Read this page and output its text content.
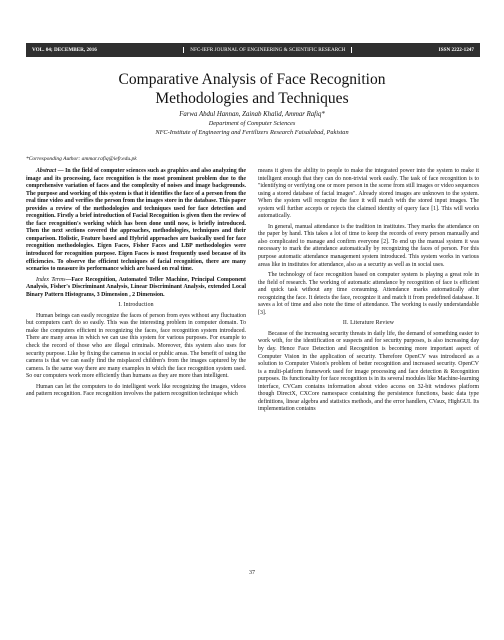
VOL. 04; DECEMBER, 2016	NFC-IEFR JOURNAL OF ENGINEERING & SCIENTIFIC RESEARCH	ISSN 2222-1247
Comparative Analysis of Face Recognition
Methodologies and Techniques
Farwa Abdul Hannan, Zainab Khalid, Ammar Rafiq*
Department of Computer Sciences
NFC-Institute of Engineering and Fertilizers Research Faisalabad, Pakistan
*Corresponding Author: ammar.rafiq@iefr.edu.pk

Abstract — In the field of computer sciences such as graphics and also analyzing the image and its processing, face recognition is the most prominent problem due to the comprehensive variation of faces and the complexity of noises and image backgrounds. The purpose and working of this system is that it identifies the face of a person from the real time video and verifies the person from the images store in the database. This paper provides a review of the methodologies and techniques used for face detection and recognition. Firstly a brief introduction of Facial Recognition is given then the review of the face recognition's working which has been done until now, is briefly introduced. Then the next sections covered the approaches, methodologies, techniques and their comparison. Holistic, Feature based and Hybrid approaches are basically used for face recognition methodologies. Eigen Faces, Fisher Faces and LBP methodologies were introduced for recognition purpose. Eigen Faces is most frequently used because of its efficiencies. To observe the efficient techniques of facial recognition, there are many scenarios to measure its performance which are based on real time.

Index Terms—Face Recognition, Automated Teller Machine, Principal Component Analysis, Fisher's Discriminant Analysis, Linear Discriminant Analysis, extended Local Binary Pattern Histograms, 3 Dimension , 2 Dimension.

I. Introduction

Human beings can easily recognize the faces of person from eyes without any fluctuation but computers can't do so easily. This was the interesting problem in computer domain. To make the computers efficient in recognizing the faces, face recognition system introduced. There are many areas in which we can use this system for various purposes. For example to check the record of those who are illegal criminals. Moreover, this system also uses for security purpose. Like by fixing the cameras in social or public areas. The benefit of using the camera is that we can easily find the misplaced children's from the images captured by the camera. Is the same way there are many examples in which the face recognition system used. So our computers work more efficiently than humans as they are more than intelligent.

Human can let the computers to do intelligent work like recognizing the images, videos and pattern recognition. Face recognition involves the pattern recognition technique which

means it gives the ability to people to make the integrated power into the system to make it intelligent enough that they can do non-trivial work easily. The task of face recognition is to "identifying or verifying one or more person in the scene from still images or video sequences using a stored database of facial images". Already stored images are unknown to the system. When the system will recognize the face it will match with the stored input images. The system will further accepts or rejects the claimed identity of query face [1]. This will works automatically.

In general, manual attendance is the tradition in institutes. They marks the attendance on the paper by hand. This takes a lot of time to keep the records of every person manually and also complicated to manage and confirm everyone [2]. To end up the manual system it was necessary to mark the attendance automatically by recognizing the faces of person. For this purpose automatic attendance management system introduced. This system works in various areas like in institutes for attendance, also as a security as well as in social uses.

The technology of face recognition based on computer system is playing a great role in the field of research. The working of automatic attendance by recognition of face is efficient and quick task without any time consuming. Attendance marks automatically after recognizing the face. It detects the face, recognize it and match it from predefined database. It saves a lot of time and also note the time of attendance. The working is easily understandable [3].

II. Literature Review

Because of the increasing security threats in daily life, the demand of something easier to work with, for the identification or suspects and for security purposes, is also increasing day by day. Hence Face Detection and Recognition is becoming more important aspect of Computer Vision in the application of security. Therefore OpenCV was introduced as a solution to Computer Vision's problem of better recognition and increased security. OpenCV is a multi-platform framework used for image processing and face detection & Recognition purposes. Its functionality for face recognition is in its several modules like Machine-learning interface, CVCam contains information about video access on 32-bit windows platform though DirectX, CXCore namespace containing the persistence functions, basic data type definitions, linear algebra and statistics methods, and the error handlers, CVaux, HighGUI. Its implementation contains

37
